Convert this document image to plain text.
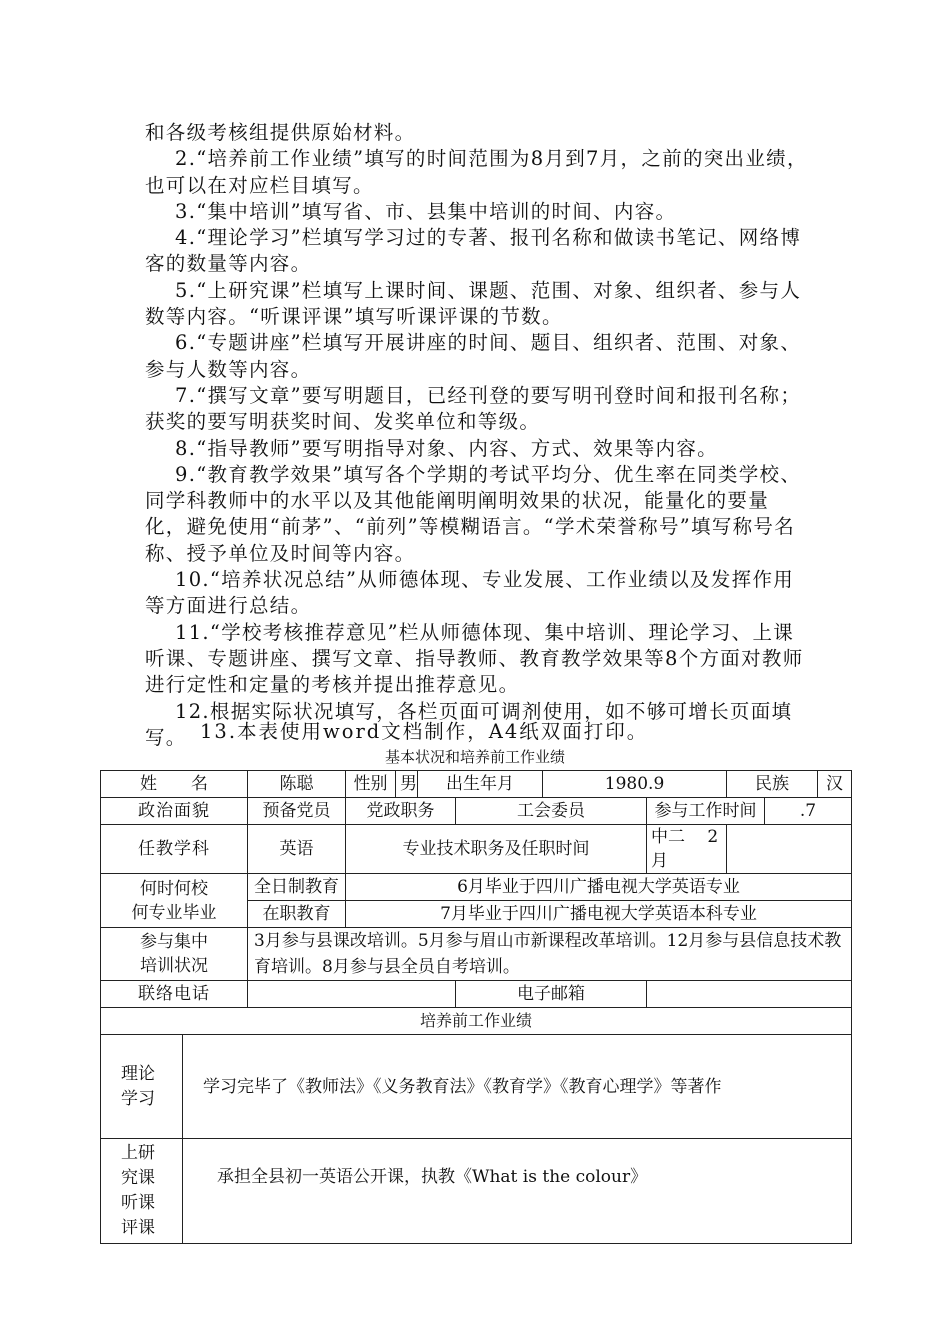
和各级考核组提供原始材料。
2.“培养前工作业绩”填写的时间范围为8月到7月，之前的突出业绩，也可以在对应栏目填写。
3.“集中培训”填写省、市、县集中培训的时间、内容。
4.“理论学习”栏填写学习过的专著、报刊名称和做读书笔记、网络博客的数量等内容。
5.“上研究课”栏填写上课时间、课题、范围、对象、组织者、参与人数等内容。“听课评课”填写听课评课的节数。
6.“专题讲座”栏填写开展讲座的时间、题目、组织者、范围、对象、参与人数等内容。
7.“撰写文章”要写明题目，已经刊登的要写明刊登时间和报刊名称；获奖的要写明获奖时间、发奖单位和等级。
8.“指导教师”要写明指导对象、内容、方式、效果等内容。
9.“教育教学效果”填写各个学期的考试平均分、优生率在同类学校、同学科教师中的水平以及其他能阐明阐明效果的状况，能量化的要量化，避免使用“前茅”、“前列”等模糊语言。“学术荣誉称号”填写称号名称、授予单位及时间等内容。
10.“培养状况总结”从师德体现、专业发展、工作业绩以及发挥作用等方面进行总结。
11.“学校考核推荐意见”栏从师德体现、集中培训、理论学习、上课听课、专题讲座、撰写文章、指导教师、教育教学效果等8个方面对教师进行定性和定量的考核并提出推荐意见。
12.根据实际状况填写，各栏页面可调剂使用，如不够可增长页面填写。 13.本表使用word文档制作，A4纸双面打印。
基本状况和培养前工作业绩
姓　　名		陈聪	性别	男	出生年月		1980.9		民族		汉
政治面貌		预备党员	党政职务			工会委员		参与工作时间		.7	
任教学科		英语	专业技术职务及任职时间					中二　 2月			

何时何校
何专业毕业		全日制教育	6月毕业于四川广播电视大学英语专业								
		在职教育	7月毕业于四川广播电视大学英语本科专业								

参与集中
培训状况		3月参与县课改培训。5月参与眉山市新课程改革培训。12月参与县信息技术教育培训。8月参与县全员自考培训。									
联络电话						电子邮箱					
培养前工作业绩											

理论
学习	学习完毕了《教师法》《义务教育法》《教育学》《教育心理学》等著作										

上研
究课
听课
评课	承担全县初一英语公开课，执教《What is the colour》										
